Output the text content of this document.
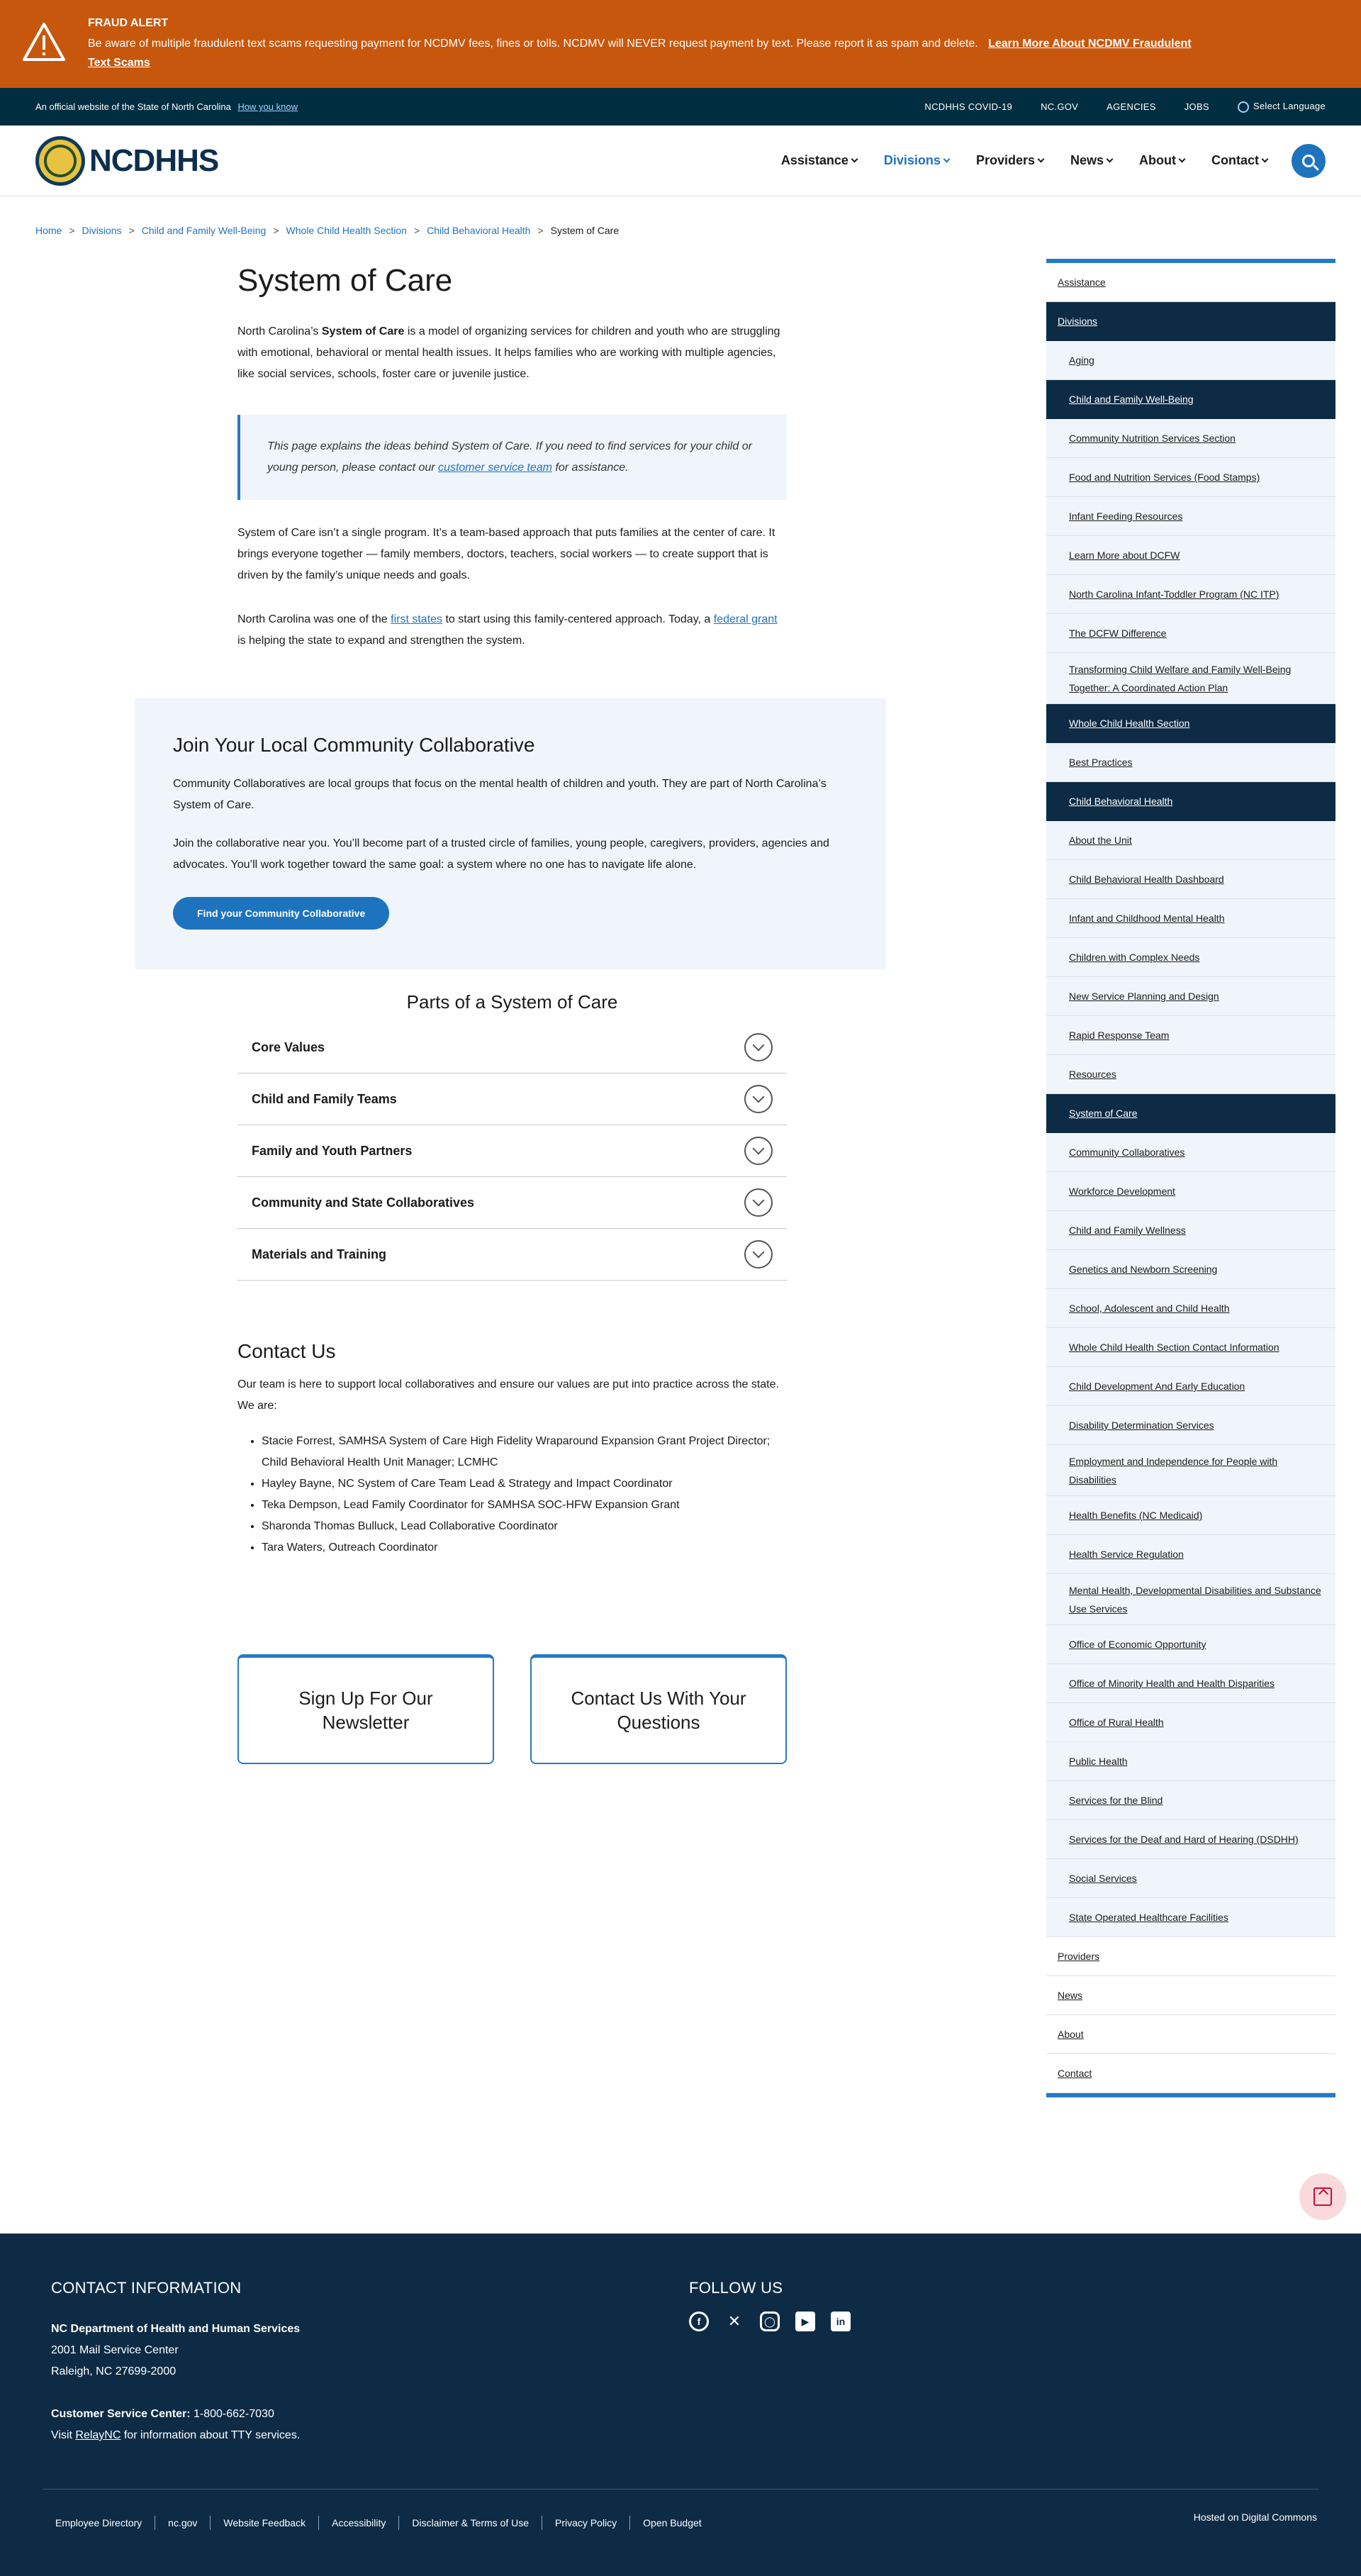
FRAUD ALERT
Be aware of multiple fraudulent text scams requesting payment for NCDMV fees, fines or tolls. NCDMV will NEVER request payment by text. Please report it as spam and delete. Learn More About NCDMV Fraudulent Text Scams
An official website of the State of North Carolina How you know	NCDHHS COVID-19	NC.GOV	AGENCIES	JOBS	Select Language
NCDHHS	Assistance	Divisions	Providers	News	About	Contact
Home > Divisions > Child and Family Well-Being > Whole Child Health Section > Child Behavioral Health > System of Care
System of Care

North Carolina’s System of Care is a model of organizing services for children and youth who are struggling with emotional, behavioral or mental health issues. It helps families who are working with multiple agencies, like social services, schools, foster care or juvenile justice.

This page explains the ideas behind System of Care. If you need to find services for your child or young person, please contact our customer service team for assistance.

System of Care isn’t a single program. It’s a team-based approach that puts families at the center of care. It brings everyone together — family members, doctors, teachers, social workers — to create support that is driven by the family’s unique needs and goals.

North Carolina was one of the first states to start using this family-centered approach. Today, a federal grant is helping the state to expand and strengthen the system.

Join Your Local Community Collaborative

Community Collaboratives are local groups that focus on the mental health of children and youth. They are part of North Carolina’s System of Care.

Join the collaborative near you. You’ll become part of a trusted circle of families, young people, caregivers, providers, agencies and advocates. You’ll work together toward the same goal: a system where no one has to navigate life alone.

Find your Community Collaborative
Parts of a System of Care
Core Values
Child and Family Teams
Family and Youth Partners
Community and State Collaboratives
Materials and Training
Contact Us

Our team is here to support local collaboratives and ensure our values are put into practice across the state. We are:

• Stacie Forrest, SAMHSA System of Care High Fidelity Wraparound Expansion Grant Project Director; Child Behavioral Health Unit Manager; LCMHC
• Hayley Bayne, NC System of Care Team Lead & Strategy and Impact Coordinator
• Teka Dempson, Lead Family Coordinator for SAMHSA SOC-HFW Expansion Grant
• Sharonda Thomas Bulluck, Lead Collaborative Coordinator
• Tara Waters, Outreach Coordinator
Sign Up For Our Newsletter
Contact Us With Your Questions
Assistance
Divisions
Aging
Child and Family Well-Being
Community Nutrition Services Section
Food and Nutrition Services (Food Stamps)
Infant Feeding Resources
Learn More about DCFW
North Carolina Infant-Toddler Program (NC ITP)
The DCFW Difference
Transforming Child Welfare and Family Well-Being Together: A Coordinated Action Plan
Whole Child Health Section
Best Practices
Child Behavioral Health
About the Unit
Child Behavioral Health Dashboard
Infant and Childhood Mental Health
Children with Complex Needs
New Service Planning and Design
Rapid Response Team
Resources
System of Care
Community Collaboratives
Workforce Development
Child and Family Wellness
Genetics and Newborn Screening
School, Adolescent and Child Health
Whole Child Health Section Contact Information
Child Development And Early Education
Disability Determination Services
Employment and Independence for People with Disabilities
Health Benefits (NC Medicaid)
Health Service Regulation
Mental Health, Developmental Disabilities and Substance Use Services
Office of Economic Opportunity
Office of Minority Health and Health Disparities
Office of Rural Health
Public Health
Services for the Blind
Services for the Deaf and Hard of Hearing (DSDHH)
Social Services
State Operated Healthcare Facilities
Providers
News
About
Contact
CONTACT INFORMATION
NC Department of Health and Human Services
2001 Mail Service Center
Raleigh, NC 27699-2000
Customer Service Center: 1-800-662-7030
Visit RelayNC for information about TTY services.
FOLLOW US
f	✕	◯	▶	in
Employee Directory	nc.gov	Website Feedback	Accessibility	Disclaimer & Terms of Use	Privacy Policy	Open Budget	Hosted on Digital Commons
